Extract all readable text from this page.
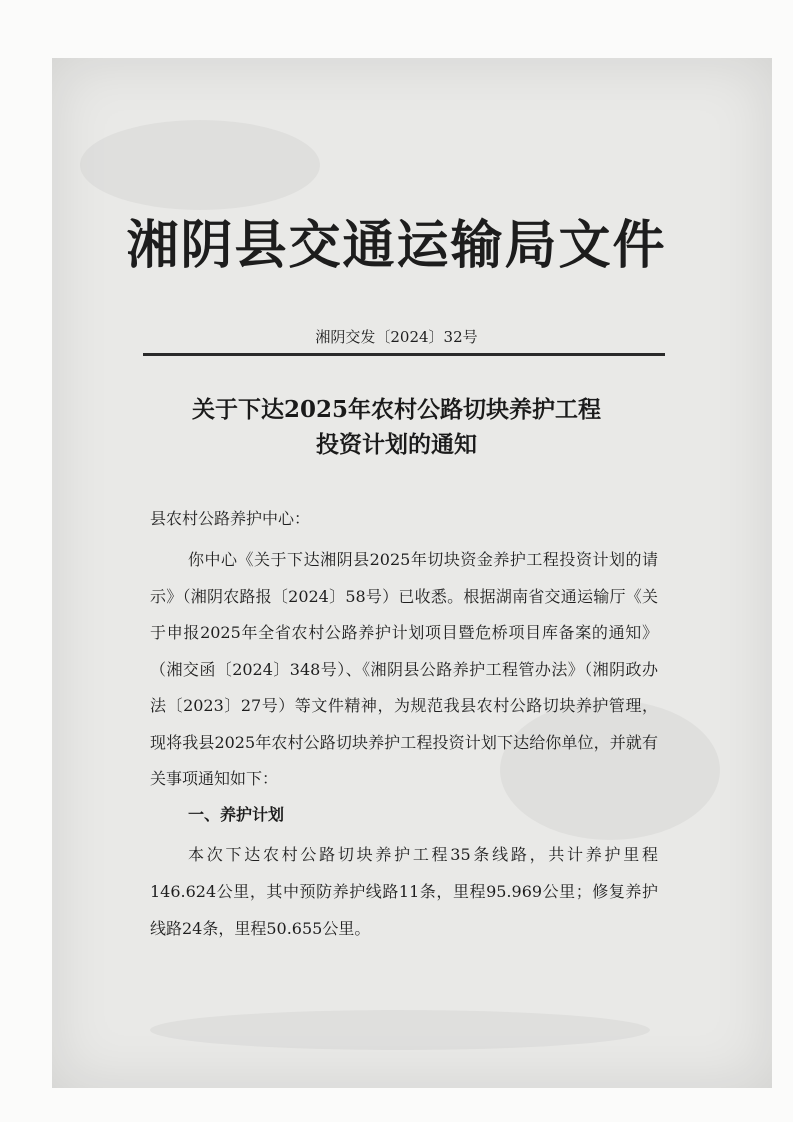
湘阴县交通运输局文件
湘阴交发〔2024〕32号
关于下达2025年农村公路切块养护工程
投资计划的通知

县农村公路养护中心：

你中心《关于下达湘阴县2025年切块资金养护工程投资计划的请示》（湘阴农路报〔2024〕58号）已收悉。根据湖南省交通运输厅《关于申报2025年全省农村公路养护计划项目暨危桥项目库备案的通知》（湘交函〔2024〕348号）、《湘阴县公路养护工程管办法》（湘阴政办法〔2023〕27号）等文件精神，为规范我县农村公路切块养护管理，现将我县2025年农村公路切块养护工程投资计划下达给你单位，并就有关事项通知如下：

一、养护计划

本次下达农村公路切块养护工程35条线路，共计养护里程146.624公里，其中预防养护线路11条，里程95.969公里；修复养护线路24条，里程50.655公里。
